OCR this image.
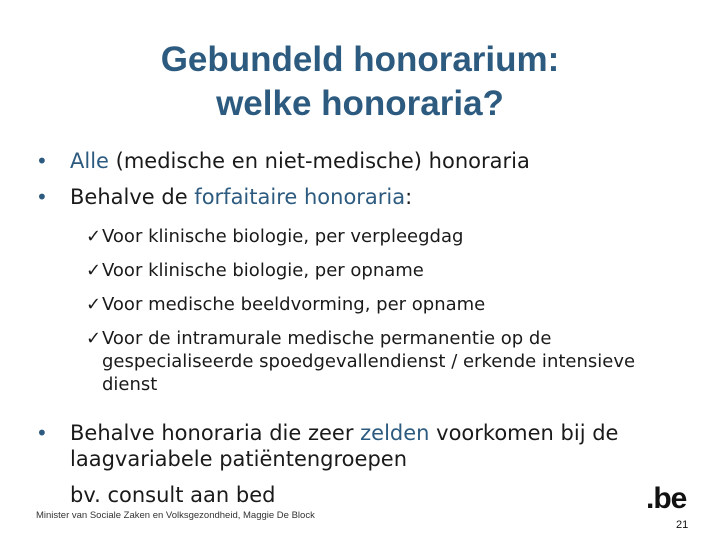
Gebundeld honorarium:
welke honoraria?
• Alle (medische en niet-medische) honoraria
• Behalve de forfaitaire honoraria:
✓ Voor klinische biologie, per verpleegdag
✓ Voor klinische biologie, per opname
✓ Voor medische beeldvorming, per opname
✓ Voor de intramurale medische permanentie op de gespecialiseerde spoedgevallendienst / erkende intensieve dienst
• Behalve honoraria die zeer zelden voorkomen bij de laagvariabele patiëntengroepen
bv. consult aan bed
Minister van Sociale Zaken en Volksgezondheid, Maggie De Block
.be
21
